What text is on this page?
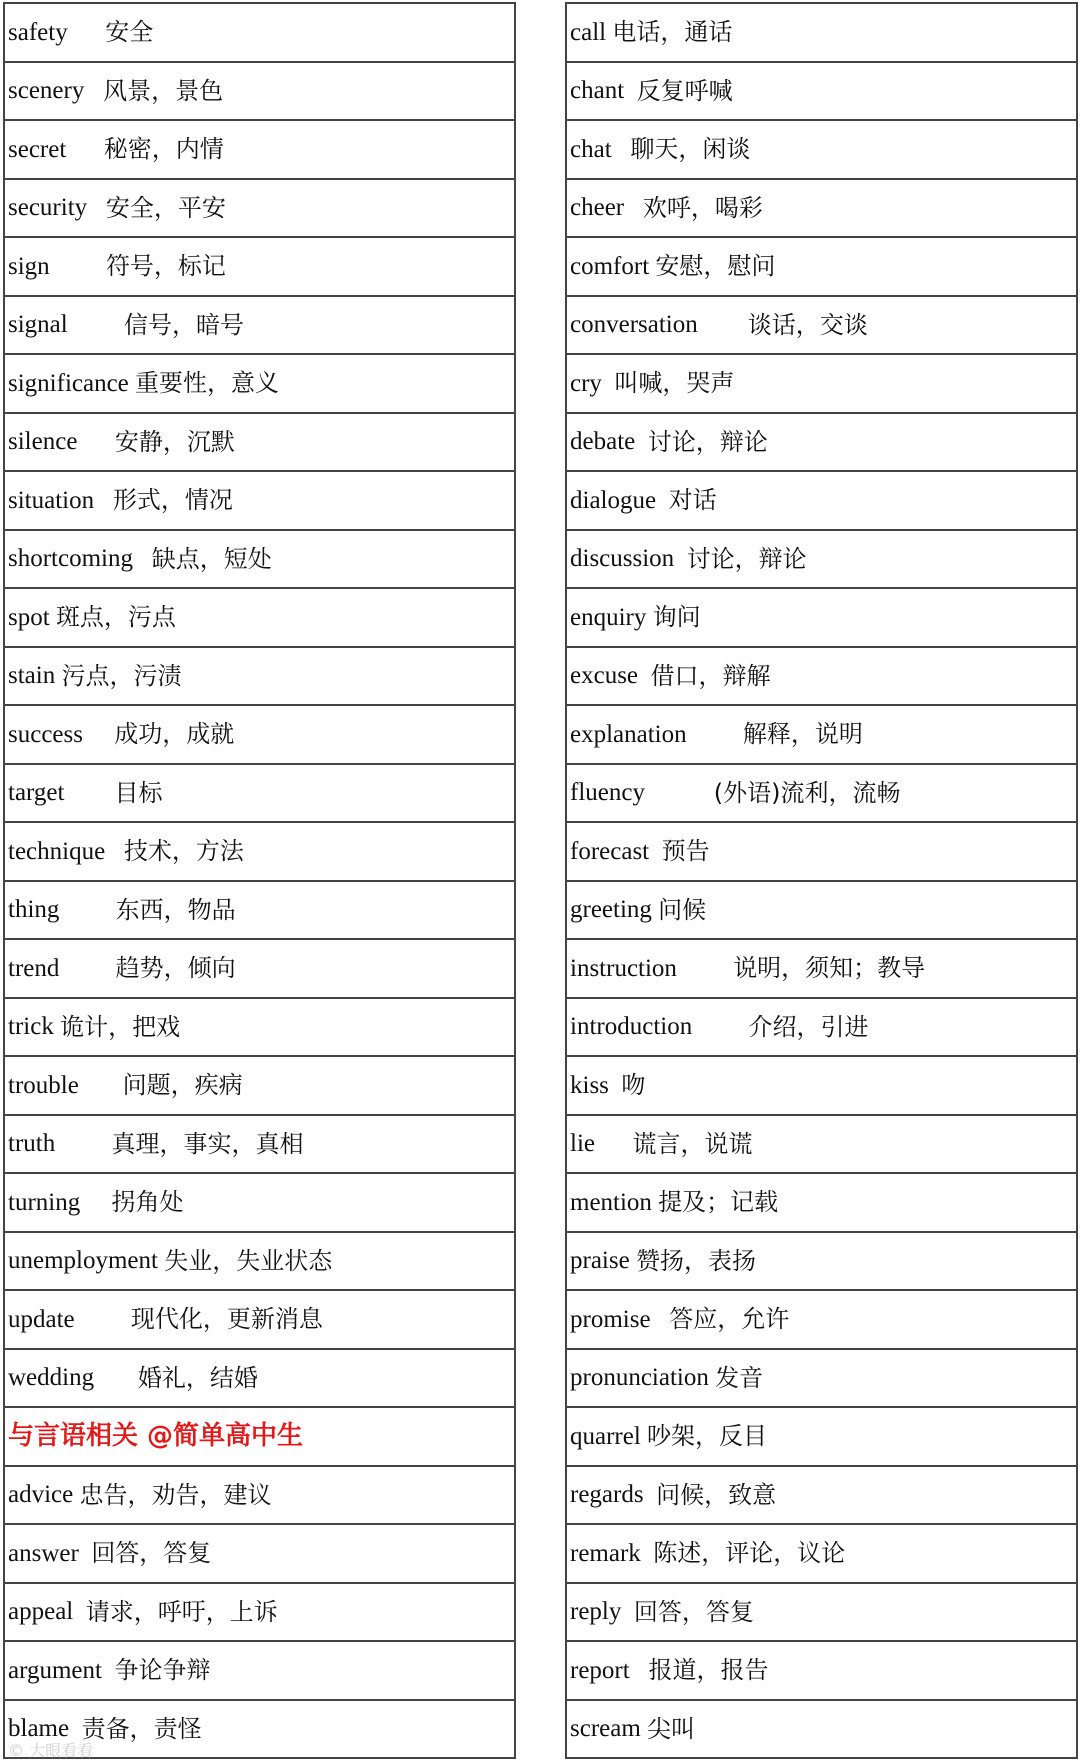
safety
安全
scenery
风景，景色
secret
秘密，内情
security
安全，平安
sign
符号，标记
signal
信号，暗号
significance
重要性，意义
silence
安静，沉默
situation
形式，情况
shortcoming
缺点，短处
spot
斑点，污点
stain
污点，污渍
success
成功，成就
target
目标
technique
技术，方法
thing
东西，物品
trend
趋势，倾向
trick
诡计，把戏
trouble
问题，疾病
truth
真理，事实，真相
turning
拐角处
unemployment
失业，失业状态
update
现代化，更新消息
wedding
婚礼，结婚
与言语相关 @简单高中生
advice
忠告，劝告，建议
answer
回答，答复
appeal
请求，呼吁，上诉
argument
争论争辩
blame
责备，责怪
call
电话，通话
chant
反复呼喊
chat
聊天，闲谈
cheer
欢呼，喝彩
comfort
安慰，慰问
conversation
谈话，交谈
cry
叫喊，哭声
debate
讨论，辩论
dialogue
对话
discussion
讨论，辩论
enquiry
询问
excuse
借口，辩解
explanation
解释，说明
fluency
	(外语)流利，流畅
forecast
预告
greeting
问候
instruction
说明，须知；教导
introduction
介绍，引进
kiss
吻
lie
谎言，说谎
mention
提及；记载
praise
赞扬，表扬
promise
答应，允许
pronunciation
发音
quarrel
吵架，反目
regards
问候，致意
remark
陈述，评论，议论
reply
回答，答复
report
报道，报告
scream
尖叫
© 大眼看看
